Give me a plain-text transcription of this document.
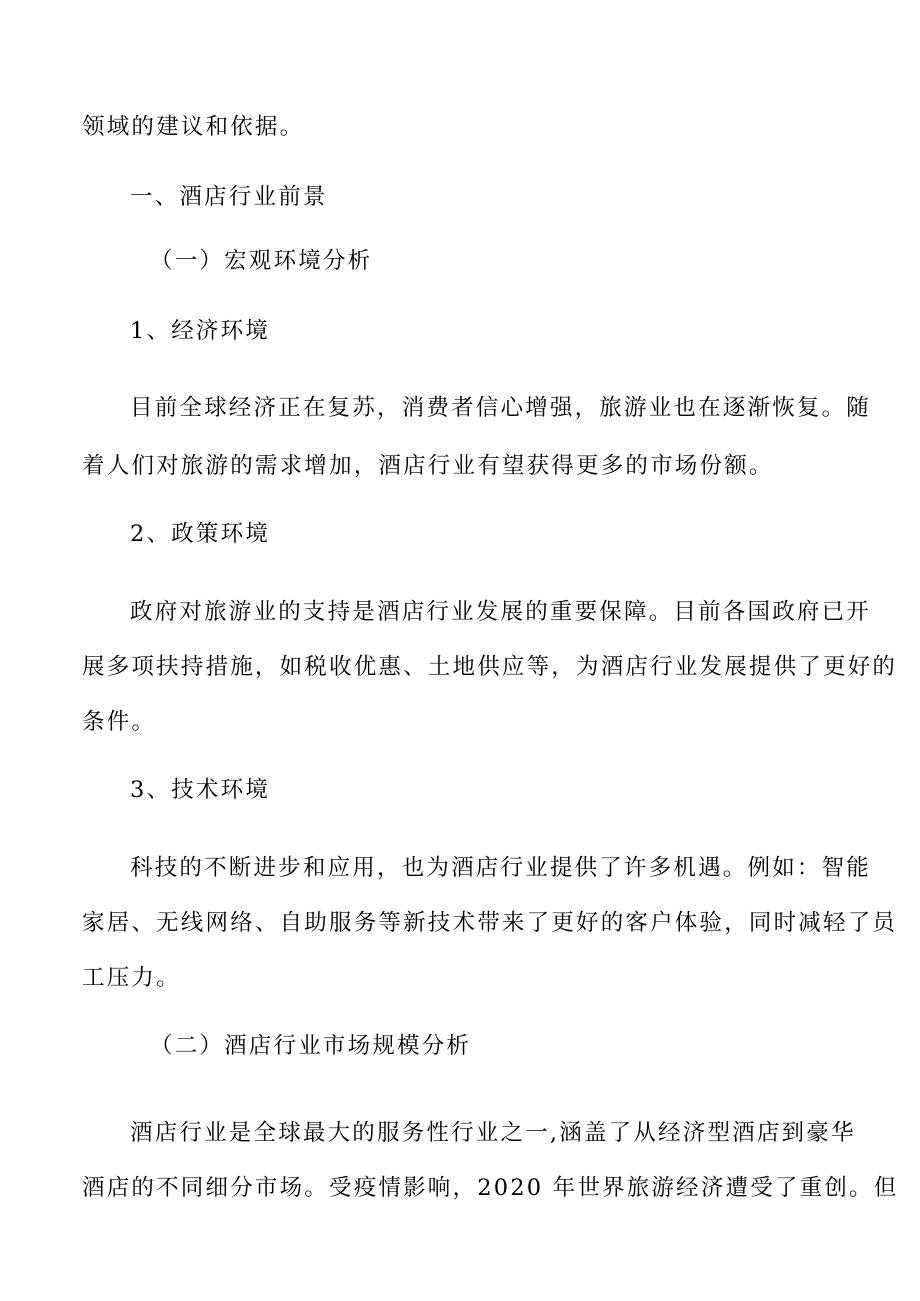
领域的建议和依据。
一、酒店行业前景
（一）宏观环境分析
1、经济环境
目前全球经济正在复苏，消费者信心增强，旅游业也在逐渐恢复。随
着人们对旅游的需求增加，酒店行业有望获得更多的市场份额。
2、政策环境
政府对旅游业的支持是酒店行业发展的重要保障。目前各国政府已开
展多项扶持措施，如税收优惠、土地供应等，为酒店行业发展提供了更好的
条件。
3、技术环境
科技的不断进步和应用，也为酒店行业提供了许多机遇。例如：智能
家居、无线网络、自助服务等新技术带来了更好的客户体验，同时减轻了员
工压力。
（二）酒店行业市场规模分析
酒店行业是全球最大的服务性行业之一,涵盖了从经济型酒店到豪华
酒店的不同细分市场。受疫情影响，2020 年世界旅游经济遭受了重创。但
